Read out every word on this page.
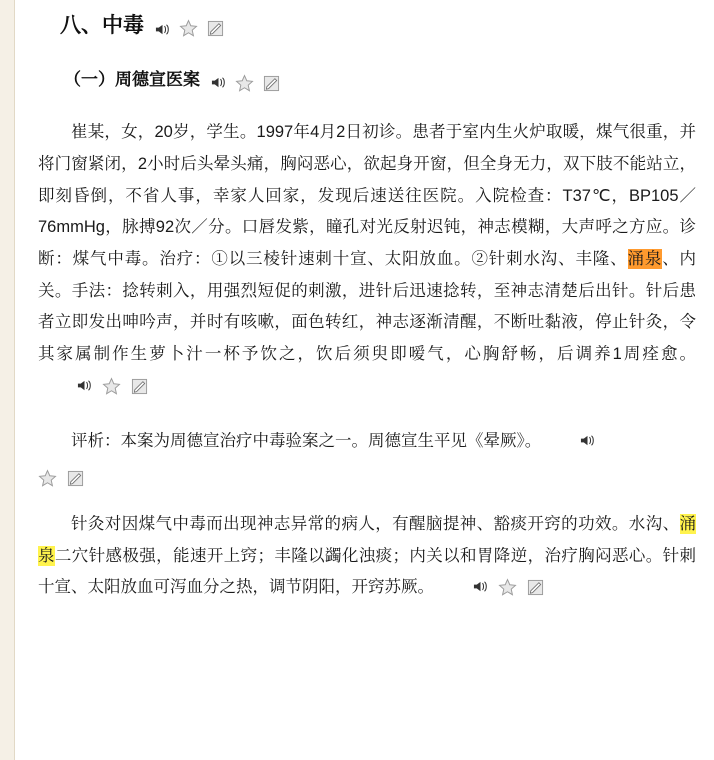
八、中毒
（一）周德宣医案

崔某，女，20岁，学生。1997年4月2日初诊。患者于室内生火炉取暖，煤气很重，并将门窗紧闭，2小时后头晕头痛，胸闷恶心，欲起身开窗，但全身无力，双下肢不能站立，即刻昏倒，不省人事，幸家人回家，发现后速送往医院。入院检查：T37℃，BP105／76mmHg，脉搏92次／分。口唇发紫，瞳孔对光反射迟钝，神志模糊，大声呼之方应。诊断：煤气中毒。治疗：①以三棱针速刺十宣、太阳放血。②针刺水沟、丰隆、涌泉、内关。手法：捻转刺入，用强烈短促的刺激，进针后迅速捻转，至神志清楚后出针。针后患者立即发出呻吟声，并时有咳嗽，面色转红，神志逐渐清醒，不断吐黏液，停止针灸，令其家属制作生萝卜汁一杯予饮之，饮后须臾即嗳气，心胸舒畅，后调养1周痊愈。

评析：本案为周德宣治疗中毒验案之一。周德宣生平见《晕厥》。

针灸对因煤气中毒而出现神志异常的病人，有醒脑提神、豁痰开窍的功效。水沟、涌泉二穴针感极强，能速开上窍；丰隆以蠲化浊痰；内关以和胃降逆，治疗胸闷恶心。针刺十宣、太阳放血可泻血分之热，调节阴阳，开窍苏厥。
